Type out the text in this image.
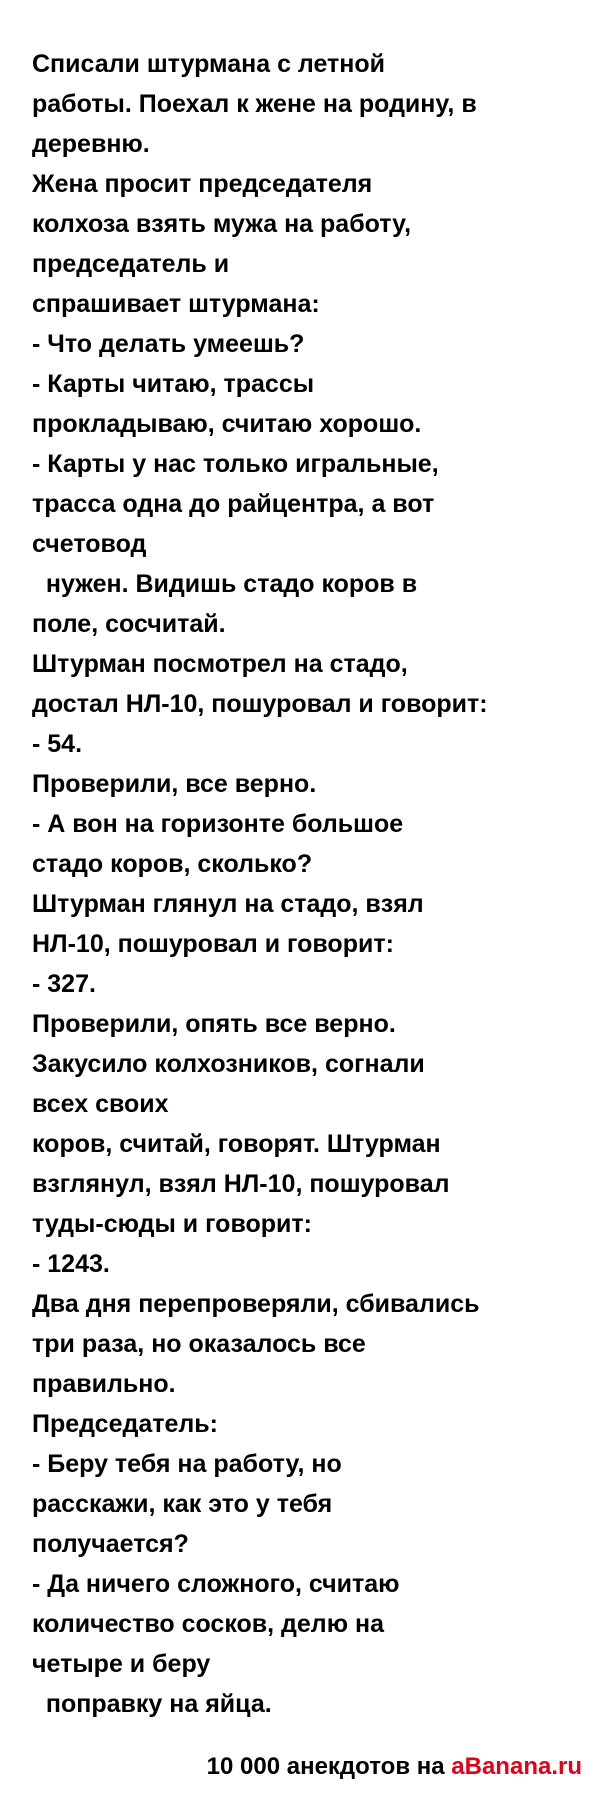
Списали штурмана с летной
работы. Поехал к жене на родину, в
деревню.
Жена просит председателя
колхоза взять мужа на работу,
председатель и
спрашивает штурмана:
- Что делать умеешь?
- Карты читаю, трассы
прокладываю, считаю хорошо.
- Карты у нас только игральные,
трасса одна до райцентра, а вот
счетовод
нужен. Видишь стадо коров в
поле, сосчитай.
Штурман посмотрел на стадо,
достал НЛ-10, пошуровал и говорит:
- 54.
Проверили, все верно.
- А вон на горизонте большое
стадо коров, сколько?
Штурман глянул на стадо, взял
НЛ-10, пошуровал и говорит:
- 327.
Проверили, опять все верно.
Закусило колхозников, согнали
всех своих
коров, считай, говорят. Штурман
взглянул, взял НЛ-10, пошуровал
туды-сюды и говорит:
- 1243.
Два дня перепроверяли, сбивались
три раза, но оказалось все
правильно.
Председатель:
- Беру тебя на работу, но
расскажи, как это у тебя
получается?
- Да ничего сложного, считаю
количество сосков, делю на
четыре и беру
поправку на яйца.
10 000 анекдотов на aBanana.ru
